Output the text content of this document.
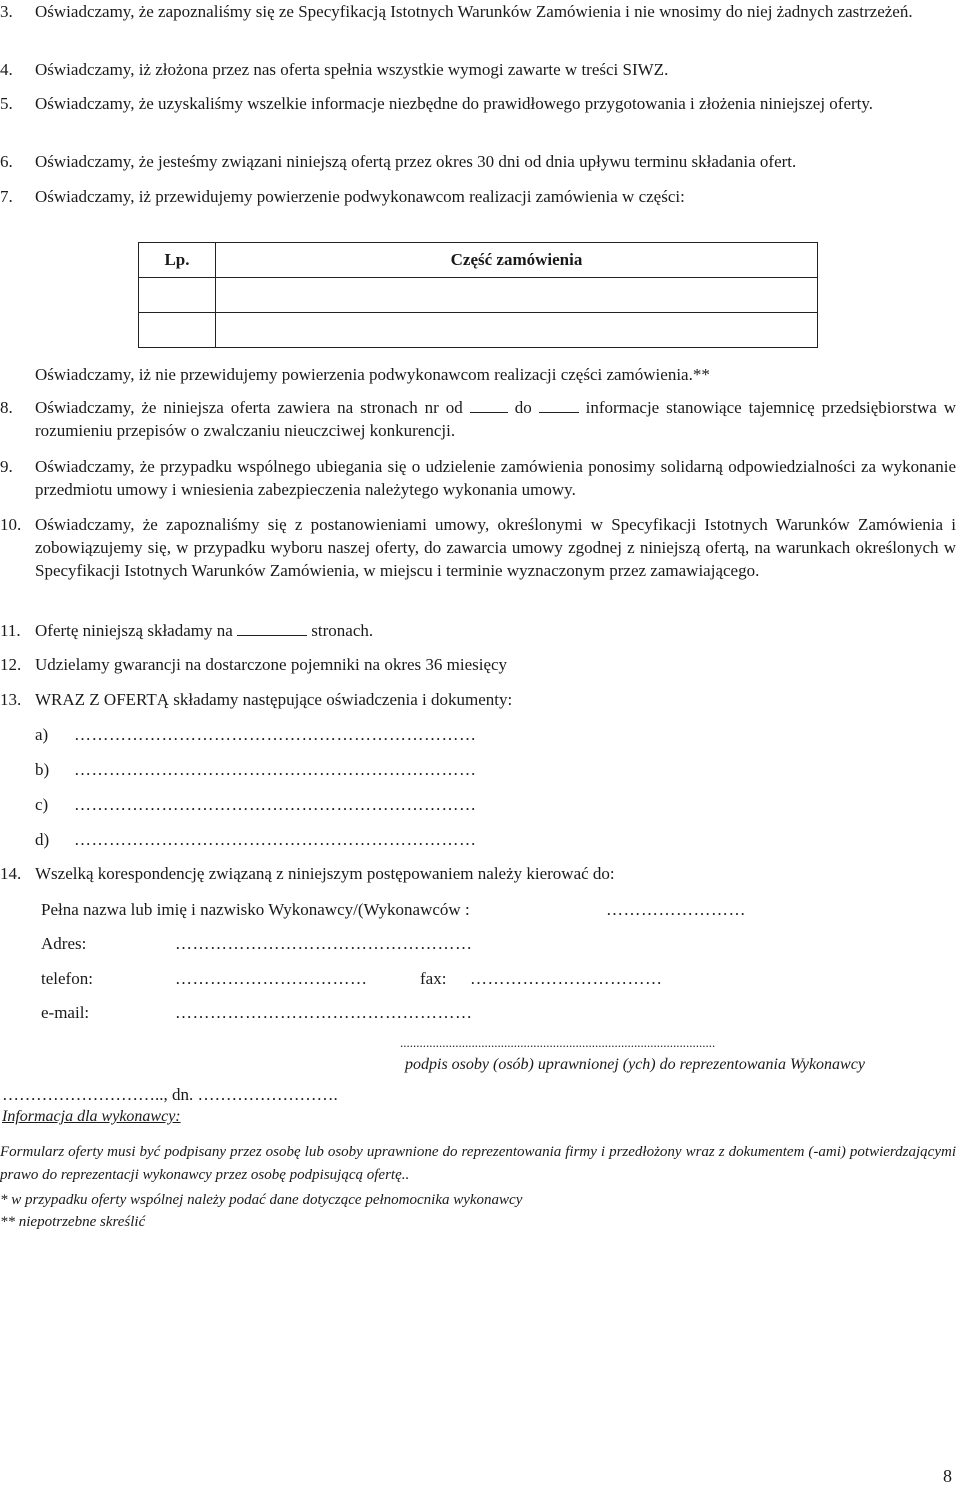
3. Oświadczamy, że zapoznaliśmy się ze Specyfikacją Istotnych Warunków Zamówienia i nie wnosimy do niej żadnych zastrzeżeń.
4. Oświadczamy, iż złożona przez nas oferta spełnia wszystkie wymogi zawarte w treści SIWZ.
5. Oświadczamy, że uzyskaliśmy wszelkie informacje niezbędne do prawidłowego przygotowania i złożenia niniejszej oferty.
6. Oświadczamy, że jesteśmy związani niniejszą ofertą przez okres 30 dni od dnia upływu terminu składania ofert.
7. Oświadczamy, iż przewidujemy powierzenie podwykonawcom realizacji zamówienia w części:
Lp.	Część zamówienia

Oświadczamy, iż nie przewidujemy powierzenia podwykonawcom realizacji części zamówienia.**
8. Oświadczamy, że niniejsza oferta zawiera na stronach nr od	do	informacje stanowiące tajemnicę przedsiębiorstwa w rozumieniu przepisów o zwalczaniu nieuczciwej konkurencji.
9. Oświadczamy, że przypadku wspólnego ubiegania się o udzielenie zamówienia ponosimy solidarną odpowiedzialności za wykonanie przedmiotu umowy i wniesienia zabezpieczenia należytego wykonania umowy.
10. Oświadczamy, że zapoznaliśmy się z postanowieniami umowy, określonymi w Specyfikacji Istotnych Warunków Zamówienia i zobowiązujemy się, w przypadku wyboru naszej oferty, do zawarcia umowy zgodnej z niniejszą ofertą, na warunkach określonych w Specyfikacji Istotnych Warunków Zamówienia, w miejscu i terminie wyznaczonym przez zamawiającego.
11. Ofertę niniejszą składamy na	stronach.
12. Udzielamy gwarancji na dostarczone pojemniki na okres 36 miesięcy
13. WRAZ Z OFERTĄ składamy następujące oświadczenia i dokumenty:
a) ……………………………………………………………
b) ……………………………………………………………
c) ……………………………………………………………
d) ……………………………………………………………
14. Wszelką korespondencję związaną z niniejszym postępowaniem należy kierować do:
Pełna nazwa lub imię i nazwisko Wykonawcy/(Wykonawców :	……………………
Adres:	……………………………………………
telefon:	……………………………	fax: ……………………………
e-mail:	……………………………………………
.................................................................................................
podpis osoby (osób) uprawnionej (ych) do reprezentowania Wykonawcy
……………………….., dn. …………………….
Informacja dla wykonawcy:
Formularz oferty musi być podpisany przez osobę lub osoby uprawnione do reprezentowania firmy i przedłożony wraz z dokumentem (-ami) potwierdzającymi prawo do reprezentacji wykonawcy przez osobę podpisującą ofertę..
* w przypadku oferty wspólnej należy podać dane dotyczące pełnomocnika wykonawcy
** niepotrzebne skreślić
8
